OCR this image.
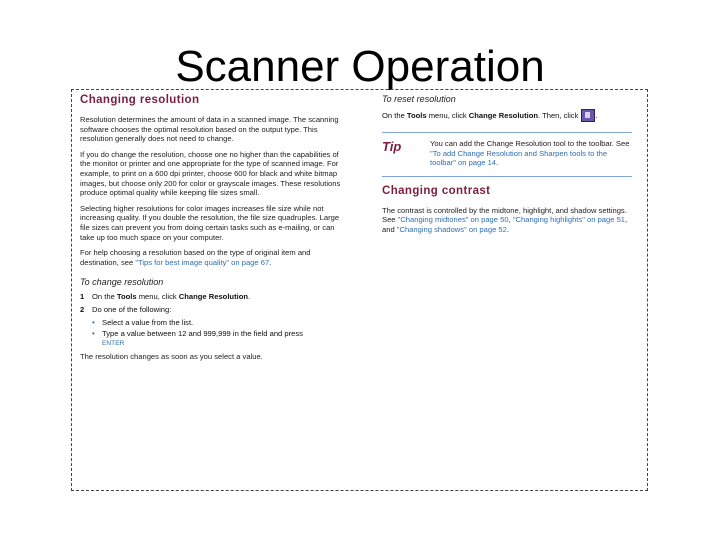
Scanner Operation
Changing resolution

Resolution determines the amount of data in a scanned image. The scanning software chooses the optimal resolution based on the output type. This resolution generally does not need to change.

If you do change the resolution, choose one no higher than the capabilities of the monitor or printer and one appropriate for the type of scanned image. For example, to print on a 600 dpi printer, choose 600 for black and white bitmap images, but choose only 200 for color or grayscale images. These resolutions produce optimal quality while keeping file sizes small.

Selecting higher resolutions for color images increases file size while not increasing quality. If you double the resolution, the file size quadruples. Large file sizes can prevent you from doing certain tasks such as e-mailing, or can take up too much space on your computer.

For help choosing a resolution based on the type of original item and destination, see "Tips for best image quality" on page 67.

To change resolution
1	On the Tools menu, click Change Resolution.
2	Do one of the following:
• Select a value from the list.
• Type a value between 12 and 999,999 in the field and press
ENTER

The resolution changes as soon as you select a value.

To reset resolution
On the Tools menu, click Change Resolution. Then, click .
Tip	You can add the Change Resolution tool to the toolbar. See "To add Change Resolution and Sharpen tools to the toolbar" on page 14.
Changing contrast

The contrast is controlled by the midtone, highlight, and shadow settings. See "Changing midtones" on page 50, "Changing highlights" on page 51, and "Changing shadows" on page 52.
